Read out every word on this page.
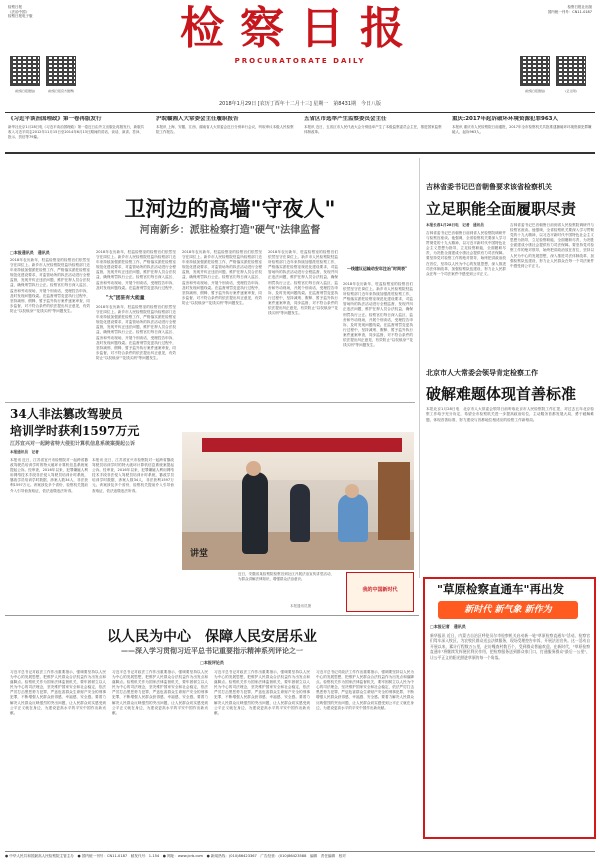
检察日报
《法治中国》
检察日报电子版
检察日报社出版
国内统一刊号：CN11-0187
(检察日报微信)	(检察日报官方微博)	(检察日报微信)	(正义网)
检察日报
PROCURATORATE DAILY
2018年1月29日 [农历丁酉年十二月十三] 星期一　第8431期　今日八版
《习近平谈治国理政》第一卷再版发行
新华社北京1月28日电《习近平谈治国理政》第一卷近日由外文出版社再版发行，新版共收入习近平同志2012年11月15日至2014年6月13日期间的讲话、谈话、演讲、答问、批示、贺信等79篇。
沪皖赣湘人大常委会主任履职报告
本报讯 上海、安徽、江西、湖南省人大常委会近日分别举行会议，听取审议本级人民检察院工作报告。
五省区市选举产生监察委员会主任
本报讯 近日，五省区市人民代表大会分别选举产生了本级监察委员会主任，推进国家监察体制改革。
重庆:2017年起诉破坏环境资源犯罪963人
本报讯 重庆市人民检察院日前通报，2017年全市检察机关共批准逮捕破坏环境资源犯罪嫌疑人，起诉963人。
卫河边的高墙"守夜人"
河南新乡：派驻检察打造"硬气"法律监督
□本报通讯员　通讯员
2018年农历新年，驻监检察室的检察官们依然坚守在岗位上。新乡市人民检察院驻监所检察部门近年来持续加强派驻检察工作，严格落实派驻检察室规范化建设要求，对监管场所的执法活动进行全程监督，发现并纠正违法问题，维护在押人员合法权益，确保刑罚执行公正。检察官们每日深入监区、监舍和劳动现场，开展个别谈话，受理控告申诉，及时发现问题线索。在监督刑罚变更执行过程中，坚持减刑、假释、暂予监外执行案件逐案审查，同步监督，对不符合条件的依法提出纠正意见，有效防止"以权赎身""花钱买刑"等问题发生。
2018年农历新年，驻监检察室的检察官们依然坚守在岗位上。新乡市人民检察院驻监所检察部门近年来持续加强派驻检察工作，严格落实派驻检察室规范化建设要求，对监管场所的执法活动进行全程监督，发现并纠正违法问题，维护在押人员合法权益，确保刑罚执行公正。检察官们每日深入监区、监舍和劳动现场，开展个别谈话，受理控告申诉，及时发现问题线索。在监督刑罚变更执行过程中，
"大"团驻有大能量
2018年农历新年，驻监检察室的检察官们依然坚守在岗位上。新乡市人民检察院驻监所检察部门近年来持续加强派驻检察工作，严格落实派驻检察室规范化建设要求，对监管场所的执法活动进行全程监督，发现并纠正违法问题，维护在押人员合法权益，确保刑罚执行公正。检察官们每日深入监区、监舍和劳动现场，开展个别谈话，受理控告申诉，及时发现问题线索。在监督刑罚变更执行过程中，坚持减刑、假释、暂予监外执行案件逐案审查，同步监督，对不符合条件的依法提出纠正意见，有效防止"以权赎身""花钱买刑"等问题发生。
2018年农历新年，驻监检察室的检察官们依然坚守在岗位上。新乡市人民检察院驻监所检察部门近年来持续加强派驻检察工作，严格落实派驻检察室规范化建设要求，对监管场所的执法活动进行全程监督，发现并纠正违法问题，维护在押人员合法权益，确保刑罚执行公正。检察官们每日深入监区、监舍和劳动现场，开展个别谈话，受理控告申诉，及时发现问题线索。在监督刑罚变更执行过程中，坚持减刑、假释、暂予监外执行案件逐案审查，同步监督，对不符合条件的依法提出纠正意见，有效防止"以权赎身""花钱买刑"等问题发生。
2018年农历新年，驻监检察室的检察官们依然坚守在岗位上。新乡市人民检察院驻监所检察部门近年来持续加强派驻检察工作，严格落实派驻检察室规范化建设要求，对监管场所的执法活动进行全程监督，发现并纠正违法问题，维护在押人员合法权益，确保刑罚执行公正。检察官们每日深入监区、监舍和劳动现场，开展个别谈话，受理控告申诉，及时发现问题线索。在监督刑罚变更执行过程中，坚持减刑、假释、暂予监外执行案件逐案审查，同步监督，对不符合条件的依法提出纠正意见，有效防止"以权赎身""花钱买刑"等问题发生。
一线建议运输动安年注冶"时间表"
2018年农历新年，驻监检察室的检察官们依然坚守在岗位上。新乡市人民检察院驻监所检察部门近年来持续加强派驻检察工作，严格落实派驻检察室规范化建设要求，对监管场所的执法活动进行全程监督，发现并纠正违法问题，维护在押人员合法权益，确保刑罚执行公正。检察官们每日深入监区、监舍和劳动现场，开展个别谈话，受理控告申诉，及时发现问题线索。在监督刑罚变更执行过程中，坚持减刑、假释、暂予监外执行案件逐案审查，同步监督，对不符合条件的依法提出纠正意见，有效防止"以权赎身""花钱买刑"等问题发生。
吉林省委书记巴音朝鲁要求该省检察机关
立足职能全面履职尽责
本报长春1月28日电　记者　通讯员
吉林省委书记巴音朝鲁日前到省人民检察院调研并与检察官座谈。他强调，全省检察机关要深入学习贯彻党的十九大精神，以习近平新时代中国特色社会主义思想为指导，立足检察职能，全面履职尽责，为决胜全面建成小康社会提供有力司法保障。要坚持党对检察工作的绝对领导，始终把讲政治放在首位，坚持以人民为中心的发展思想，深入推进司法体制改革，加强检察队伍建设，努力让人民群众在每一个司法案件中感受到公平正义。
吉林省委书记巴音朝鲁日前到省人民检察院调研并与检察官座谈。他强调，全省检察机关要深入学习贯彻党的十九大精神，以习近平新时代中国特色社会主义思想为指导，立足检察职能，全面履职尽责，为决胜全面建成小康社会提供有力司法保障。要坚持党对检察工作的绝对领导，始终把讲政治放在首位，坚持以人民为中心的发展思想，深入推进司法体制改革，加强检察队伍建设，努力让人民群众在每一个司法案件中感受到公平正义。
北京市人大常委会领导肯定检察工作
破解难题体现首善标准
本报北京1月28日电　北京市人大常委会领导日前听取北京市人民检察院工作汇报，对过去五年北京检察工作给予充分肯定，希望全市检察机关进一步提高政治站位，主动服务首都发展大局，勇于破解难题，体现首善标准，努力建设与首都地位相适应的检察工作新格局。
34人非法篡改驾驶员
培训学时获利1597万元
江苏宜兴对一起跨省特大侵犯计算机信息系统案提起公诉
本报通讯员　记者
本报讯 近日，江苏省宜兴市检察院对一起跨省篡改驾驶员培训学时的特大破坏计算机信息系统案提起公诉。经审查，2016年以来，犯罪嫌疑人利用网络技术手段非法侵入驾驶员培训计时系统，篡改学员培训学时数据，涉案人数34人，非法获利1597万元。该案涉及多个省份，检察机关提前介入引导侦查取证，依法追缴违法所得。
本报讯 近日，江苏省宜兴市检察院对一起跨省篡改驾驶员培训学时的特大破坏计算机信息系统案提起公诉。经审查，2016年以来，犯罪嫌疑人利用网络技术手段非法侵入驾驶员培训计时系统，篡改学员培训学时数据，涉案人数34人，非法获利1597万元。该案涉及多个省份，检察机关提前介入引导侦查取证，依法追缴违法所得。
讲堂
近日，安徽省某检察院检察官到社区开展法治宣传讲堂活动，为群众讲解法律知识，增强群众法治意识。
本报通讯员摄
我的中国新时代	"草原检察直通车"再出发
新时代 新气象 新作为
□本报记者　通讯员
新华报讯 近日，内蒙古自治区呼伦贝尔市检察机关启动新一轮"草原检察直通车"活动。检察官们驾车深入牧区，为农牧民群众送去法律服务，现场受理控告申诉，开展法治宣传。这一活动自开展以来，累计行程数万公里，走访嘎查村数百个，受到群众普遍欢迎。在新时代，"草原检察直通车"将继续发挥便民利民作用，把检察服务送到群众家门口，打通服务群众"最后一公里"，让公平正义的阳光照进草原的每一个角落。
以人民为中心　保障人民安居乐业
——深入学习贯彻习近平总书记重要指示精神系列评论之一
□本报评论员
习近平总书记对政法工作作出重要指示，强调要坚持以人民为中心的发展思想，把维护人民群众合法权益作为出发点和落脚点。检察机关作为国家法律监督机关，要牢固树立以人民为中心的司法理念，坚决维护国家安全和社会稳定，依法严厉打击黑恶势力犯罪，严惩危害群众生命财产安全的刑事犯罪，不断增强人民群众获得感、幸福感、安全感。要着力解决人民群众反映强烈的突出问题，让人民群众切实感受到公平正义就在身边，为建设更高水平的平安中国作出新贡献。
习近平总书记对政法工作作出重要指示，强调要坚持以人民为中心的发展思想，把维护人民群众合法权益作为出发点和落脚点。检察机关作为国家法律监督机关，要牢固树立以人民为中心的司法理念，坚决维护国家安全和社会稳定，依法严厉打击黑恶势力犯罪，严惩危害群众生命财产安全的刑事犯罪，不断增强人民群众获得感、幸福感、安全感。要着力解决人民群众反映强烈的突出问题，让人民群众切实感受到公平正义就在身边，为建设更高水平的平安中国作出新贡献。
习近平总书记对政法工作作出重要指示，强调要坚持以人民为中心的发展思想，把维护人民群众合法权益作为出发点和落脚点。检察机关作为国家法律监督机关，要牢固树立以人民为中心的司法理念，坚决维护国家安全和社会稳定，依法严厉打击黑恶势力犯罪，严惩危害群众生命财产安全的刑事犯罪，不断增强人民群众获得感、幸福感、安全感。要着力解决人民群众反映强烈的突出问题，让人民群众切实感受到公平正义就在身边，为建设更高水平的平安中国作出新贡献。
习近平总书记对政法工作作出重要指示，强调要坚持以人民为中心的发展思想，把维护人民群众合法权益作为出发点和落脚点。检察机关作为国家法律监督机关，要牢固树立以人民为中心的司法理念，坚决维护国家安全和社会稳定，依法严厉打击黑恶势力犯罪，严惩危害群众生命财产安全的刑事犯罪，不断增强人民群众获得感、幸福感、安全感。要着力解决人民群众反映强烈的突出问题，让人民群众切实感受到公平正义就在身边，为建设更高水平的平安中国作出新贡献。
● 中华人民共和国最高人民检察院主管主办　● 国内统一刊号：CN11-0187　邮发代号：1-154　● 网址：www.jcrb.com　● 新闻热线：(010)86423367　广告经营：(010)86423588　编辑　责任编辑　校对
